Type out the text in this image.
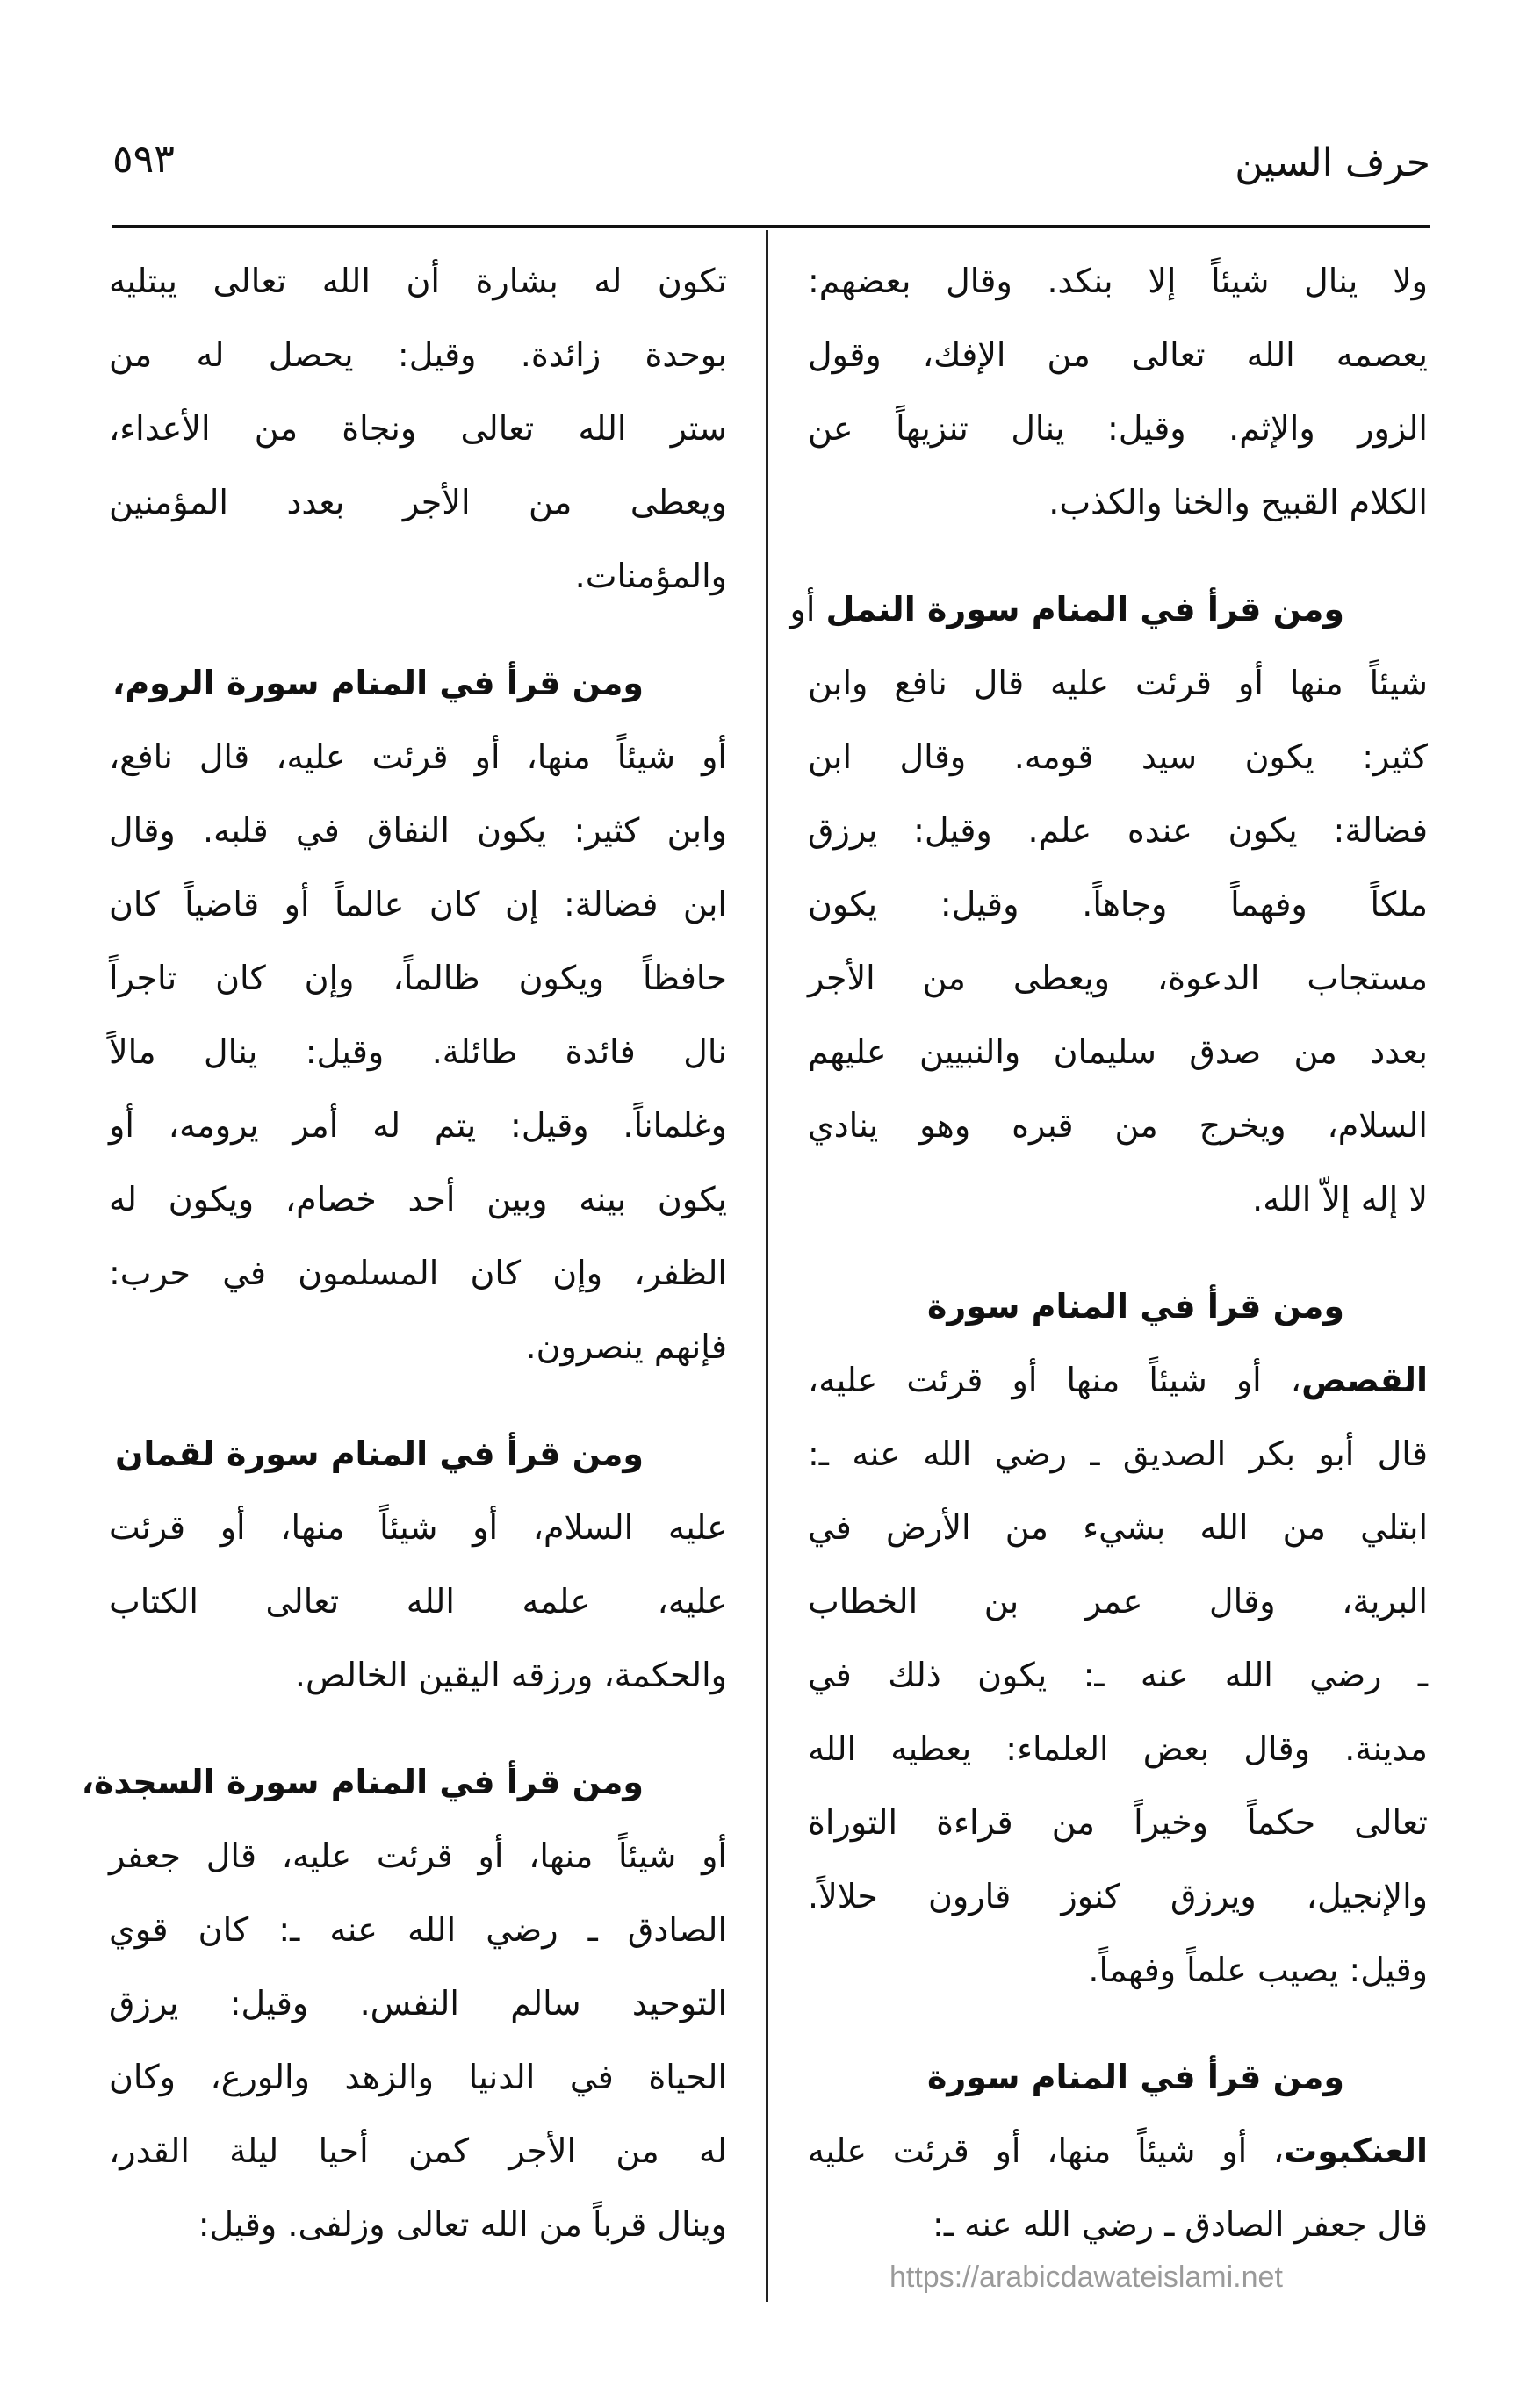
حرف السين
٥٩٣
ولا ينال شيئاً إلا بنكد. وقال بعضهم:
يعصمه الله تعالى من الإفك، وقول
الزور والإثم. وقيل: ينال تنزيهاً عن
الكلام القبيح والخنا والكذب.
ومن قرأ في المنام سورة النمل أو
شيئاً منها أو قرئت عليه قال نافع وابن
كثير: يكون سيد قومه. وقال ابن
فضالة: يكون عنده علم. وقيل: يرزق
ملكاً وفهماً وجاهاً. وقيل: يكون
مستجاب الدعوة، ويعطى من الأجر
بعدد من صدق سليمان والنبيين عليهم
السلام، ويخرج من قبره وهو ينادي
لا إله إلاّ الله.
ومن قرأ في المنام سورة
القصص، أو شيئاً منها أو قرئت عليه،
قال أبو بكر الصديق ـ رضي الله عنه ـ:
ابتلي من الله بشيء من الأرض في
البرية، وقال عمر بن الخطاب
ـ رضي الله عنه ـ: يكون ذلك في
مدينة. وقال بعض العلماء: يعطيه الله
تعالى حكماً وخيراً من قراءة التوراة
والإنجيل، ويرزق كنوز قارون حلالاً.
وقيل: يصيب علماً وفهماً.
ومن قرأ في المنام سورة
العنكبوت، أو شيئاً منها، أو قرئت عليه
قال جعفر الصادق ـ رضي الله عنه ـ:
تكون له بشارة أن الله تعالى يبتليه
بوحدة زائدة. وقيل: يحصل له من
ستر الله تعالى ونجاة من الأعداء،
ويعطى من الأجر بعدد المؤمنين
والمؤمنات.
ومن قرأ في المنام سورة الروم،
أو شيئاً منها، أو قرئت عليه، قال نافع،
وابن كثير: يكون النفاق في قلبه. وقال
ابن فضالة: إن كان عالماً أو قاضياً كان
حافظاً ويكون ظالماً، وإن كان تاجراً
نال فائدة طائلة. وقيل: ينال مالاً
وغلماناً. وقيل: يتم له أمر يرومه، أو
يكون بينه وبين أحد خصام، ويكون له
الظفر، وإن كان المسلمون في حرب:
فإنهم ينصرون.
ومن قرأ في المنام سورة لقمان
عليه السلام، أو شيئاً منها، أو قرئت
عليه، علمه الله تعالى الكتاب
والحكمة، ورزقه اليقين الخالص.
ومن قرأ في المنام سورة السجدة،
أو شيئاً منها، أو قرئت عليه، قال جعفر
الصادق ـ رضي الله عنه ـ: كان قوي
التوحيد سالم النفس. وقيل: يرزق
الحياة في الدنيا والزهد والورع، وكان
له من الأجر كمن أحيا ليلة القدر،
وينال قرباً من الله تعالى وزلفى. وقيل:
https://arabicdawateislami.net
